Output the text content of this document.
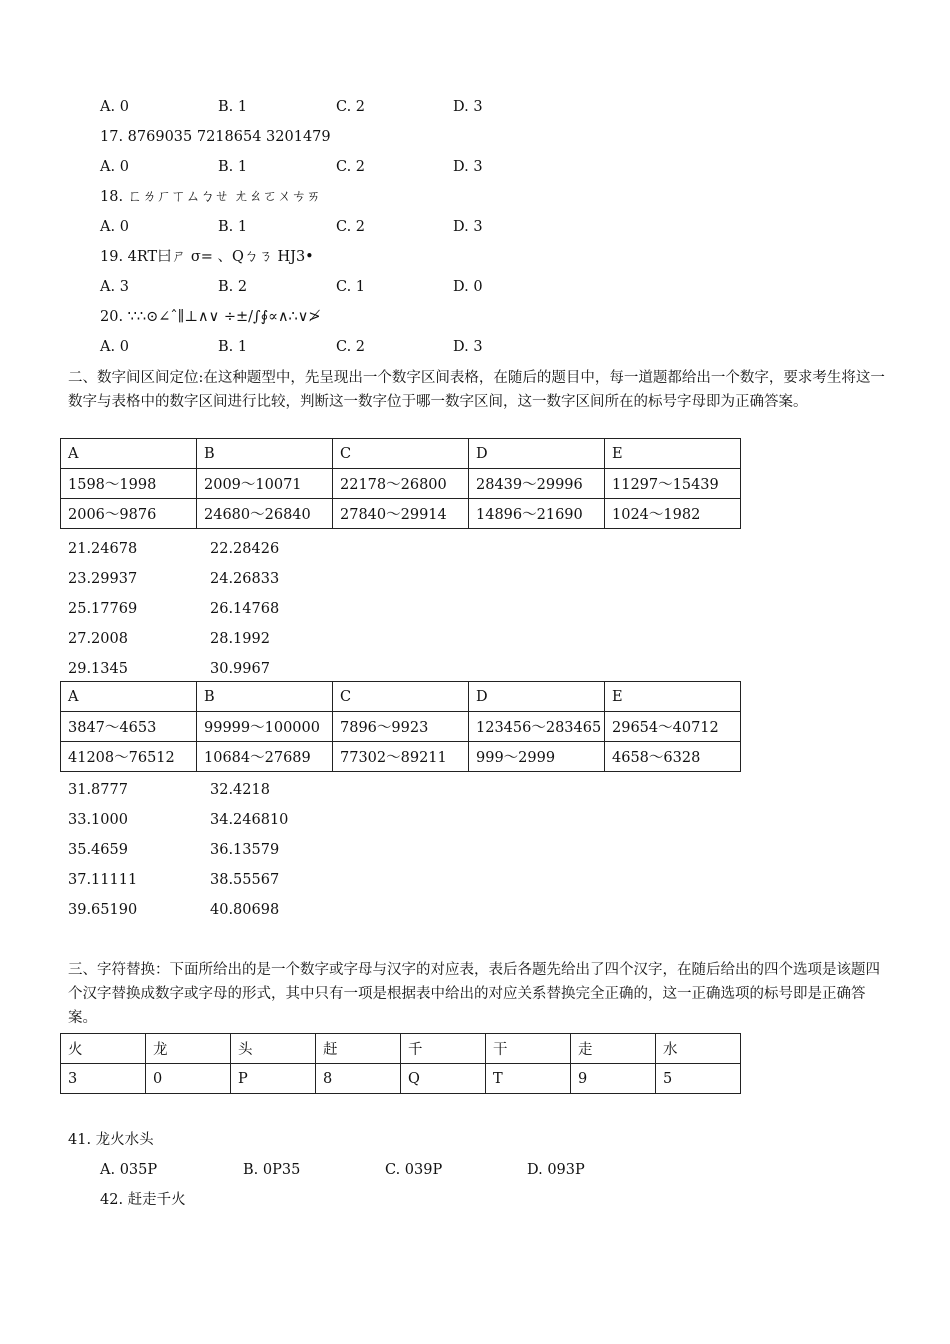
A. 0	B. 1	C. 2	D. 3
17. 8769035 7218654 3201479
A. 0	B. 1	C. 2	D. 3
18. ㄈㄌㄏㄒㄙㄅㄝ ㄤㄠㄛㄨㄘㄞ
A. 0	B. 1	C. 2	D. 3
19. 4RT曰ㄕ σ= 、Qㄅㄋ HJ3•
A. 3	B. 2	C. 1	D. 0
20. ∵∴⊙∠ˆ∥⊥∧∨ ÷±/∫∮∝∧∴∨≯
A. 0	B. 1	C. 2	D. 3
二、数字间区间定位:在这种题型中，先呈现出一个数字区间表格，在随后的题目中，每一道题都给出一个数字，要求考生将这一数字与表格中的数字区间进行比较，判断这一数字位于哪一数字区间，这一数字区间所在的标号字母即为正确答案。
A	B	C	D	E
1598～1998	2009～10071	22178～26800	28439～29996	11297～15439
2006～9876	24680～26840	27840～29914	14896～21690	1024～1982
21.24678	22.28426
23.29937	24.26833
25.17769	26.14768
27.2008	28.1992
29.1345	30.9967
A	B	C	D	E
3847～4653	99999～100000	7896～9923	123456～283465	29654～40712
41208～76512	10684～27689	77302～89211	999～2999	4658～6328
31.8777	32.4218
33.1000	34.246810
35.4659	36.13579
37.11111	38.55567
39.65190	40.80698
三、字符替换：下面所给出的是一个数字或字母与汉字的对应表，表后各题先给出了四个汉字，在随后给出的四个选项是该题四个汉字替换成数字或字母的形式，其中只有一项是根据表中给出的对应关系替换完全正确的，这一正确选项的标号即是正确答案。
火	龙	头	赶	千	干	走	水
3	0	P	8	Q	T	9	5
41. 龙火水头
A. 035P	B. 0P35	C. 039P	D. 093P
42. 赶走千火
